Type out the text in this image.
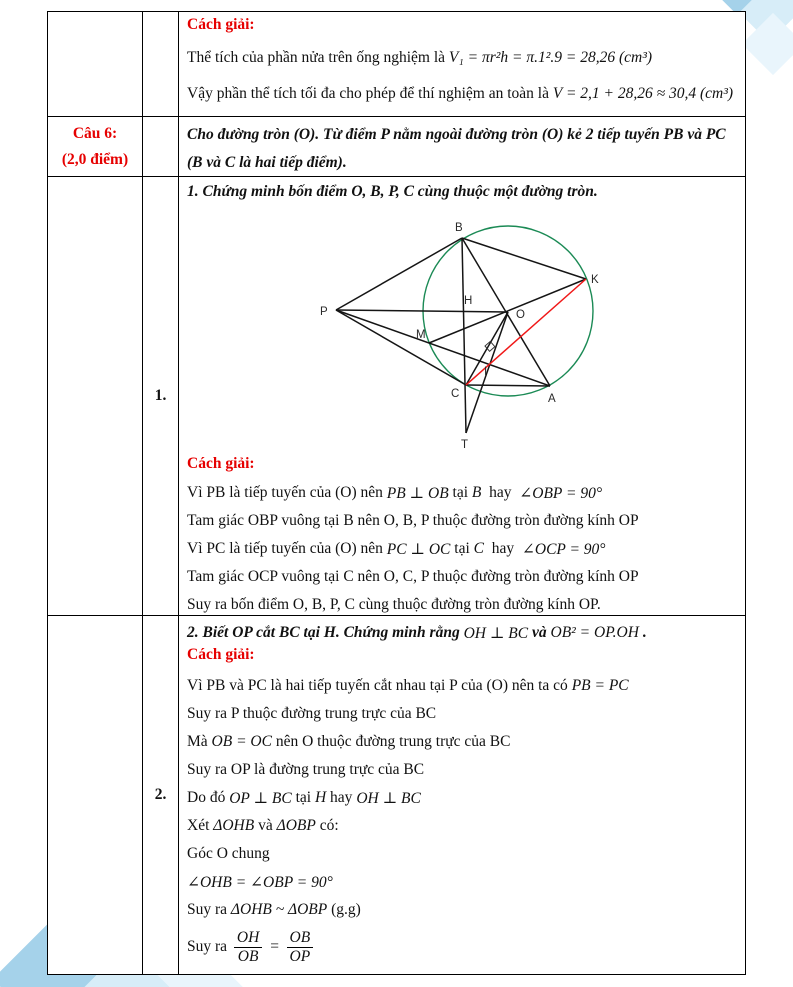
Cách giải:
Thể tích của phần nửa trên ống nghiệm là V₁ = πr²h = π.1².9 = 28,26 (cm³)
Vậy phần thể tích tối đa cho phép để thí nghiệm an toàn là V = 2,1 + 28,26 ≈ 30,4 (cm³)
Câu 6:
(2,0 điểm)
Cho đường tròn (O). Từ điểm P nằm ngoài đường tròn (O) kẻ 2 tiếp tuyến PB và PC
(B và C là hai tiếp điểm).
1.
1. Chứng minh bốn điểm O, B, P, C cùng thuộc một đường tròn.
P
B
C	A
K
O
T
H
M
I
Cách giải:
Vì PB là tiếp tuyến của (O) nên PB ⊥ OB tại B hay ∠OBP = 90°
Tam giác OBP vuông tại B nên O, B, P thuộc đường tròn đường kính OP
Vì PC là tiếp tuyến của (O) nên PC ⊥ OC tại C hay ∠OCP = 90°
Tam giác OCP vuông tại C nên O, C, P thuộc đường tròn đường kính OP
Suy ra bốn điểm O, B, P, C cùng thuộc đường tròn đường kính OP.
2.
2. Biết OP cắt BC tại H. Chứng minh rằng OH ⊥ BC và OB² = OP.OH .
Cách giải:
Vì PB và PC là hai tiếp tuyến cắt nhau tại P của (O) nên ta có PB = PC
Suy ra P thuộc đường trung trực của BC
Mà OB = OC nên O thuộc đường trung trực của BC
Suy ra OP là đường trung trực của BC
Do đó OP ⊥ BC tại H hay OH ⊥ BC
Xét ΔOHB và ΔOBP có:
Góc O chung
∠OHB = ∠OBP = 90°
Suy ra ΔOHB ~ ΔOBP (g.g)
Suy ra $\frac{OH}{OB} = \frac{OB}{OP}$
